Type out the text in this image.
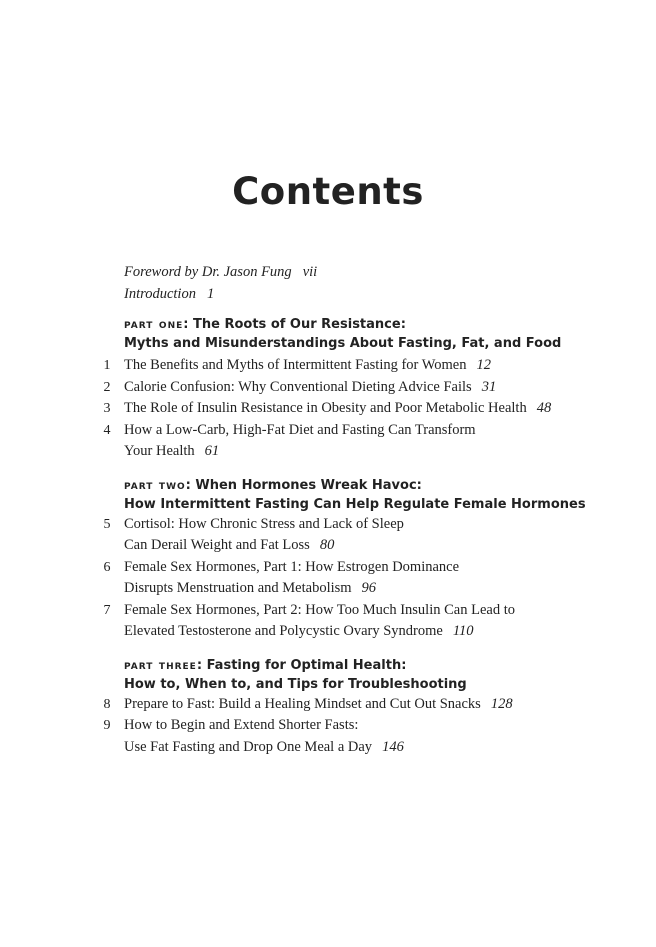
Contents
Foreword by Dr. Jason Fung vii
Introduction 1
part one: The Roots of Our Resistance:
Myths and Misunderstandings About Fasting, Fat, and Food
1 The Benefits and Myths of Intermittent Fasting for Women 12
2 Calorie Confusion: Why Conventional Dieting Advice Fails 31
3 The Role of Insulin Resistance in Obesity and Poor Metabolic Health 48
4 How a Low-Carb, High-Fat Diet and Fasting Can Transform
Your Health 61
part two: When Hormones Wreak Havoc:
How Intermittent Fasting Can Help Regulate Female Hormones
5 Cortisol: How Chronic Stress and Lack of Sleep
Can Derail Weight and Fat Loss 80
6 Female Sex Hormones, Part 1: How Estrogen Dominance
Disrupts Menstruation and Metabolism 96
7 Female Sex Hormones, Part 2: How Too Much Insulin Can Lead to
Elevated Testosterone and Polycystic Ovary Syndrome 110
part three: Fasting for Optimal Health:
How to, When to, and Tips for Troubleshooting
8 Prepare to Fast: Build a Healing Mindset and Cut Out Snacks 128
9 How to Begin and Extend Shorter Fasts:
Use Fat Fasting and Drop One Meal a Day 146
